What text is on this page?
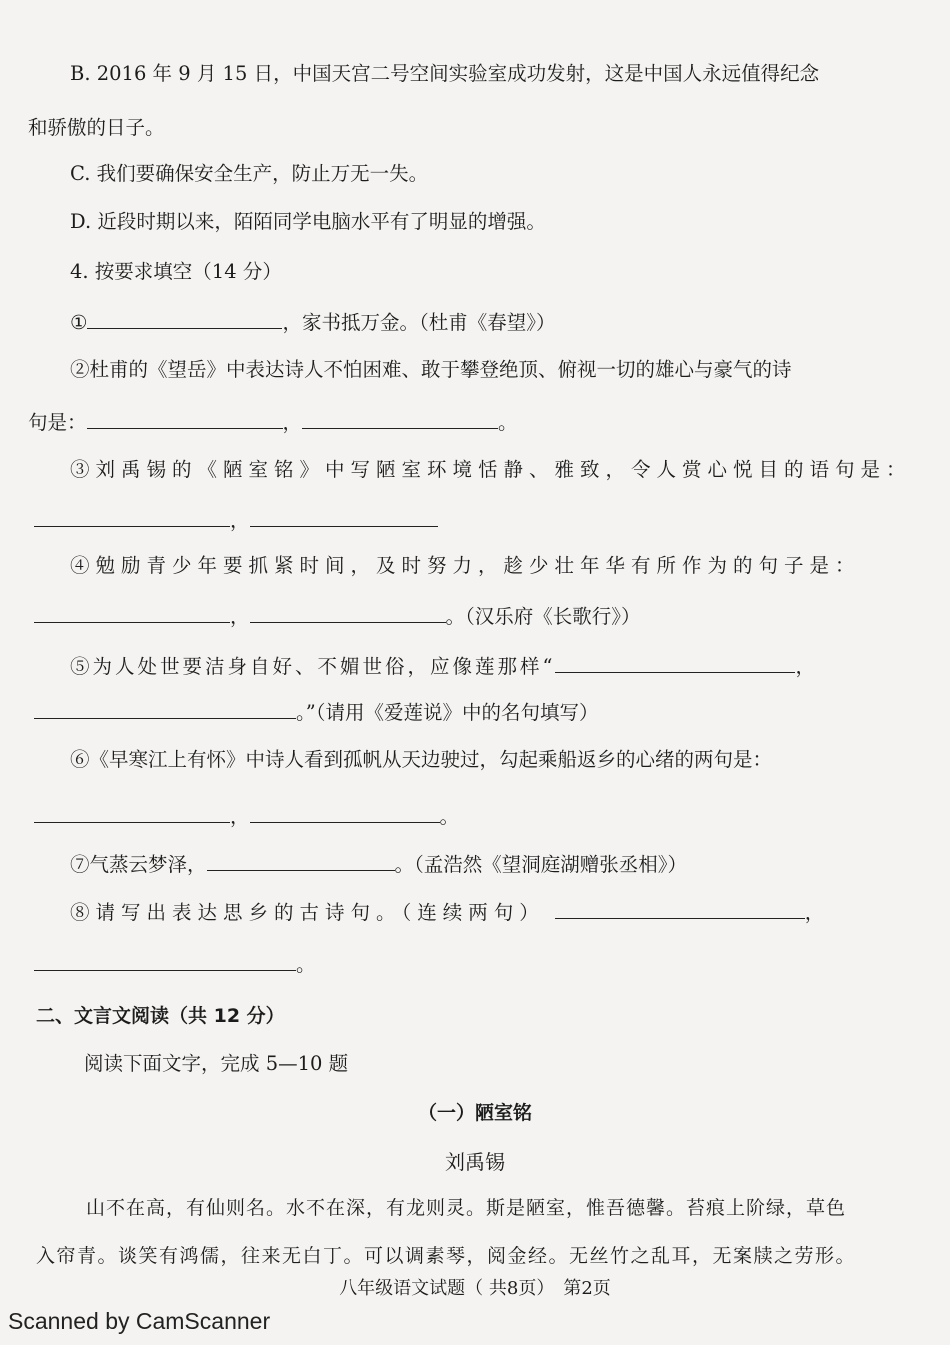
B. 2016 年 9 月 15 日，中国天宫二号空间实验室成功发射，这是中国人永远值得纪念
和骄傲的日子。
C. 我们要确保安全生产，防止万无一失。
D. 近段时期以来，陌陌同学电脑水平有了明显的增强。
4. 按要求填空（14 分）
①	，家书抵万金。（杜甫《春望》）
②杜甫的《望岳》中表达诗人不怕困难、敢于攀登绝顶、俯视一切的雄心与豪气的诗
句是：	，	。
③刘禹锡的《陋室铭》中写陋室环境恬静、雅致，令人赏心悦目的语句是：
，
④勉励青少年要抓紧时间，及时努力，趁少壮年华有所作为的句子是：
，	。（汉乐府《长歌行》）
⑤为人处世要洁身自好、不媚世俗，应像莲那样“	，
。”（请用《爱莲说》中的名句填写）
⑥《早寒江上有怀》中诗人看到孤帆从天边驶过，勾起乘船返乡的心绪的两句是：
，	。
⑦气蒸云梦泽，	。（孟浩然《望洞庭湖赠张丞相》）
⑧请写出表达思乡的古诗句。（连续两句）	，
。
二、文言文阅读（共 12 分）
阅读下面文字，完成 5—10 题
（一）陋室铭
刘禹锡
山不在高，有仙则名。水不在深，有龙则灵。斯是陋室，惟吾德馨。苔痕上阶绿，草色
入帘青。谈笑有鸿儒，往来无白丁。可以调素琴，阅金经。无丝竹之乱耳，无案牍之劳形。
八年级语文试题（ 共8页）　第2页
Scanned by CamScanner
